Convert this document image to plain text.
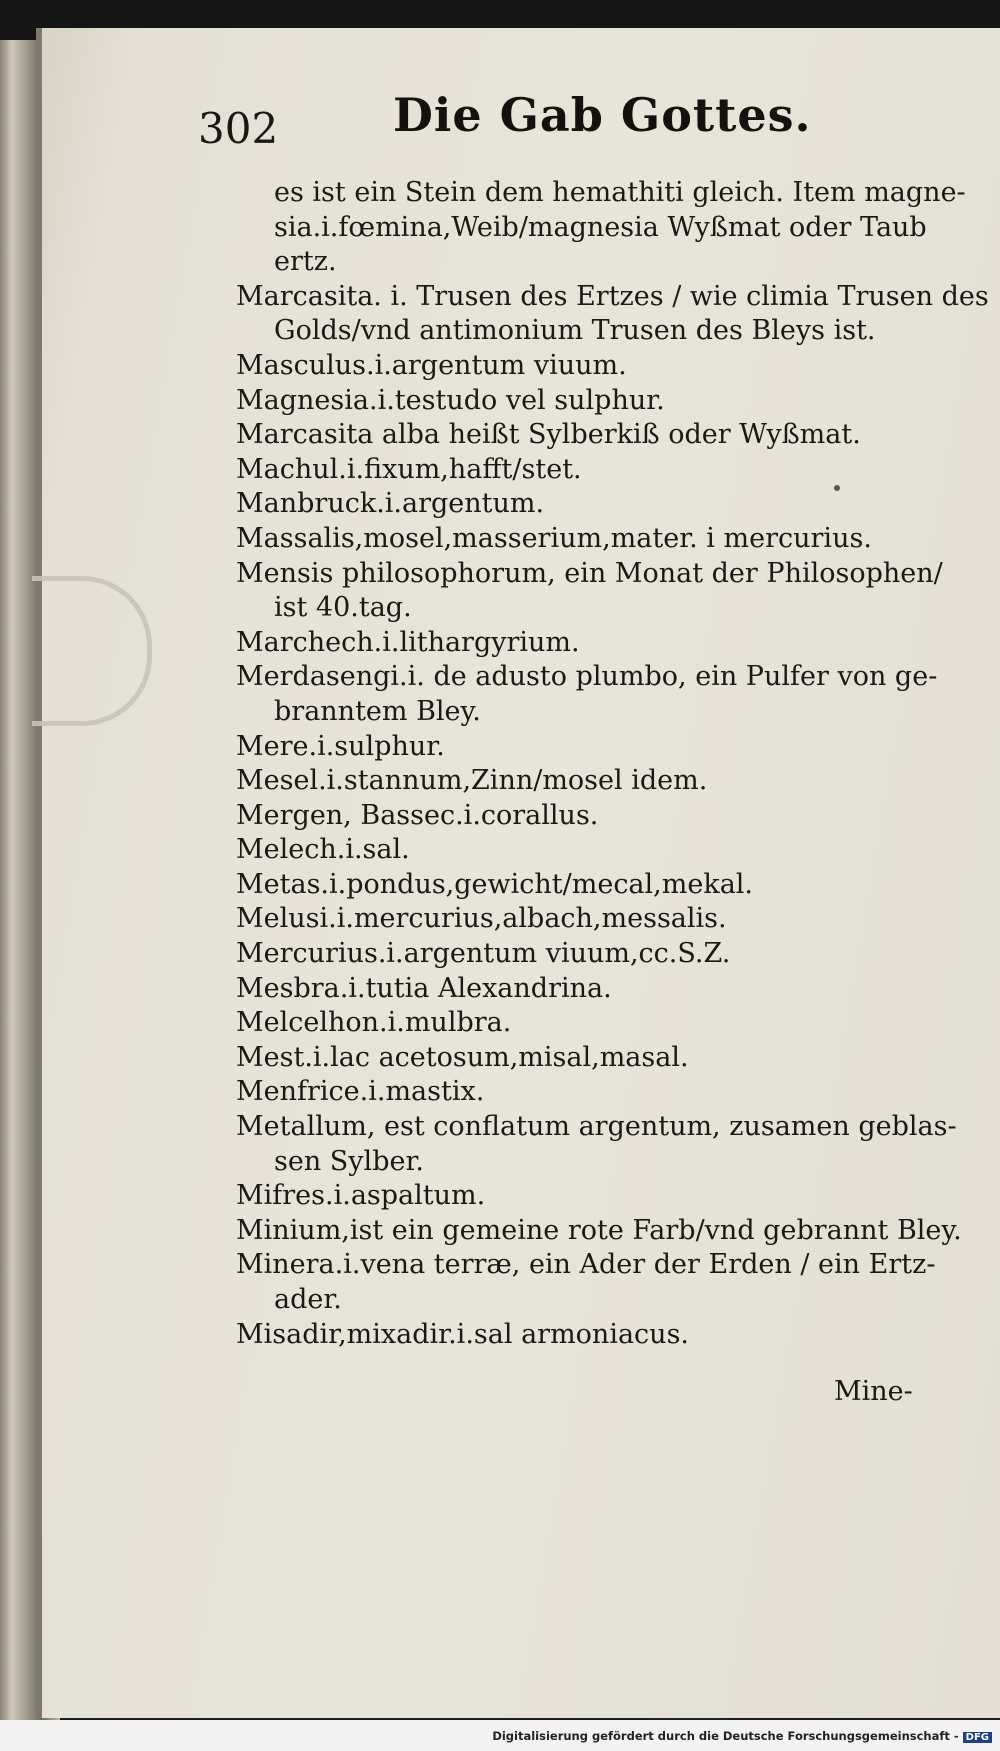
302 Die Gab Gottes.
es ist ein Stein dem hemathiti gleich. Item magne-
sia.i.fœmina,Weib/magnesia Wyßmat oder Taub
ertz.
Marcasita. i. Trusen des Ertzes / wie climia Trusen des
Golds/vnd antimonium Trusen des Bleys ist.
Masculus.i.argentum viuum.
Magnesia.i.testudo vel sulphur.
Marcasita alba heißt Sylberkiß oder Wyßmat.
Machul.i.fixum,hafft/stet.
Manbruck.i.argentum.
Massalis,mosel,masserium,mater. i mercurius.
Mensis philosophorum, ein Monat der Philosophen/
ist 40.tag.
Marchech.i.lithargyrium.
Merdasengi.i. de adusto plumbo, ein Pulfer von ge-
branntem Bley.
Mere.i.sulphur.
Mesel.i.stannum,Zinn/mosel idem.
Mergen, Bassec.i.corallus.
Melech.i.sal.
Metas.i.pondus,gewicht/mecal,mekal.
Melusi.i.mercurius,albach,messalis.
Mercurius.i.argentum viuum,cc.S.Z.
Mesbra.i.tutia Alexandrina.
Melcelhon.i.mulbra.
Mest.i.lac acetosum,misal,masal.
Menfrice.i.mastix.
Metallum, est conflatum argentum, zusamen geblas-
sen Sylber.
Mifres.i.aspaltum.
Minium,ist ein gemeine rote Farb/vnd gebrannt Bley.
Minera.i.vena terræ, ein Ader der Erden / ein Ertz-
ader.
Misadir,mixadir.i.sal armoniacus.
Mine-
Digitalisierung gefördert durch die Deutsche Forschungsgemeinschaft - DFG
